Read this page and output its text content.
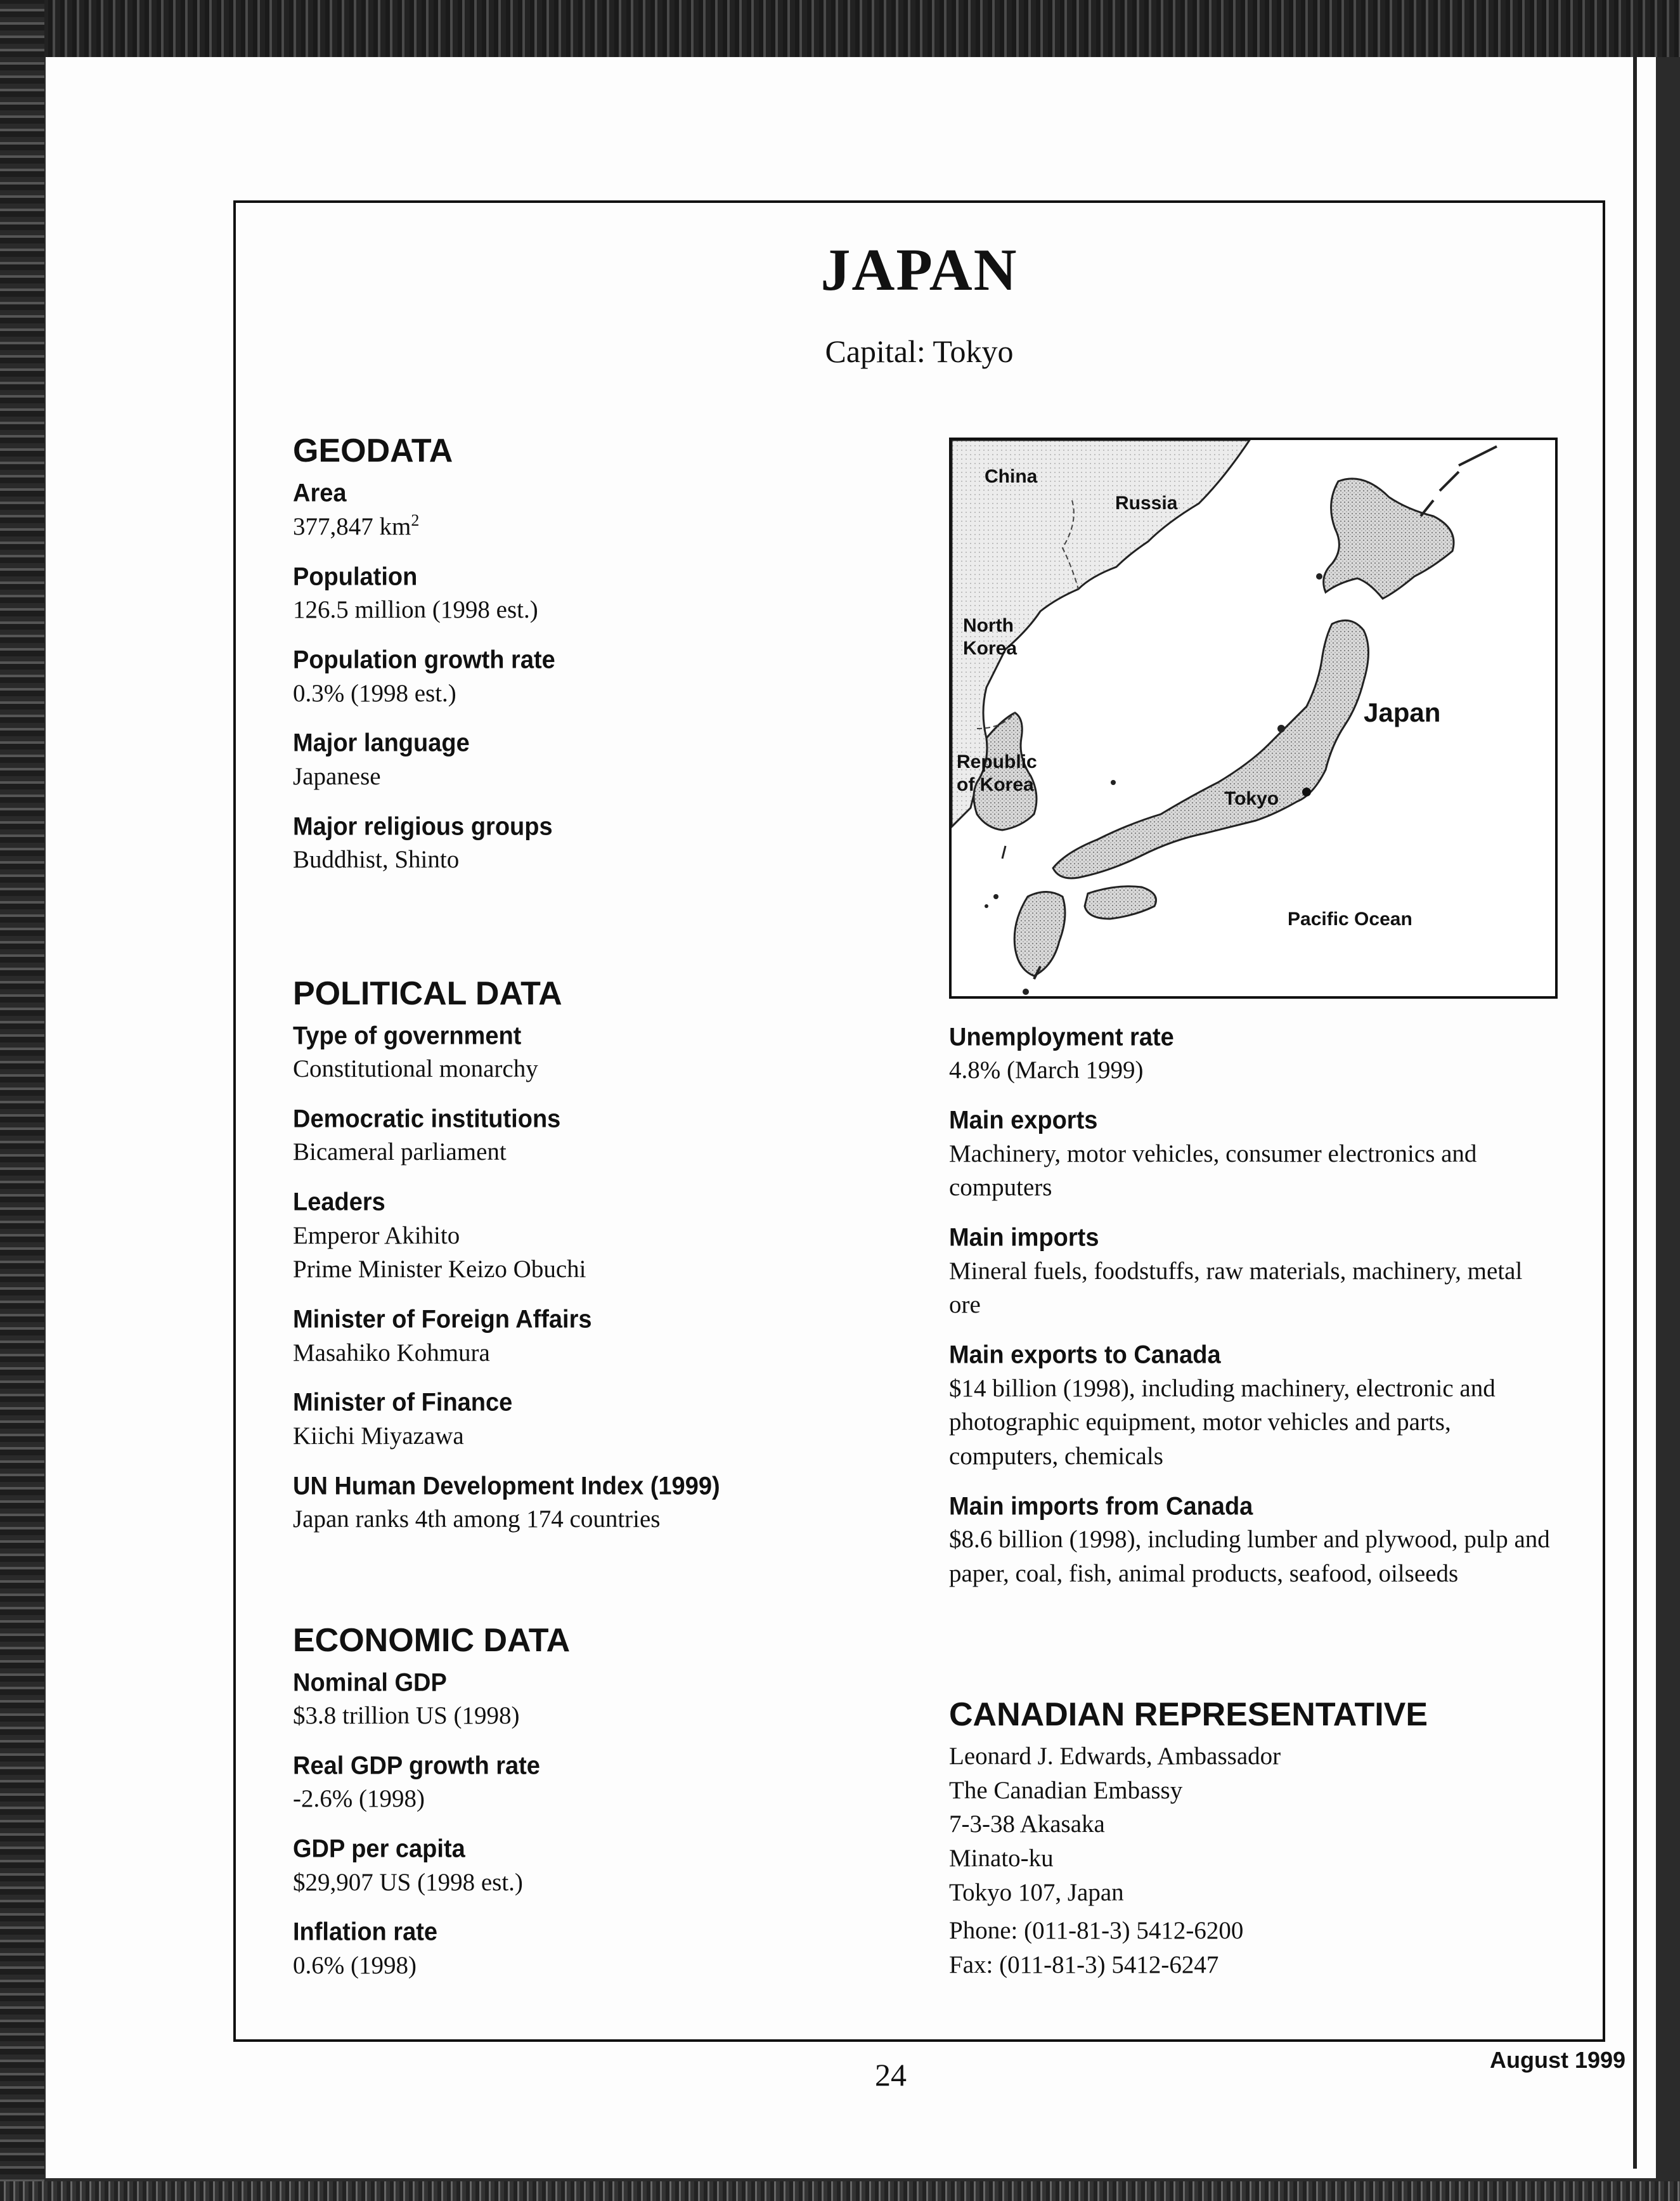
JAPAN
Capital: Tokyo
GEODATA

Area

377,847 $km^2$

Population

126.5 million (1998 est.)

Population growth rate

0.3% (1998 est.)

Major language

Japanese

Major religious groups

Buddhist, Shinto

POLITICAL DATA

Type of government

Constitutional monarchy

Democratic institutions

Bicameral parliament

Leaders

Emperor Akihito

Prime Minister Keizo Obuchi

Minister of Foreign Affairs

Masahiko Kohmura

Minister of Finance

Kiichi Miyazawa

UN Human Development Index (1999)

Japan ranks 4th among 174 countries

ECONOMIC DATA

Nominal GDP

$3.8 trillion US (1998)

Real GDP growth rate

-2.6% (1998)

GDP per capita

$29,907 US (1998 est.)

Inflation rate

0.6% (1998)

China
Russia
North
Korea
Republic
of Korea
Japan
Tokyo
Pacific Ocean

Unemployment rate

4.8% (March 1999)

Main exports

Machinery, motor vehicles, consumer electronics and computers

Main imports

Mineral fuels, foodstuffs, raw materials, machinery, metal ore

Main exports to Canada

$14 billion (1998), including machinery, electronic and photographic equipment, motor vehicles and parts, computers, chemicals

Main imports from Canada

$8.6 billion (1998), including lumber and plywood, pulp and paper, coal, fish, animal products, seafood, oilseeds

CANADIAN REPRESENTATIVE

Leonard J. Edwards, Ambassador

The Canadian Embassy

7-3-38 Akasaka

Minato-ku

Tokyo 107, Japan

Phone: (011-81-3) 5412-6200

Fax: (011-81-3) 5412-6247

24	August 1999
